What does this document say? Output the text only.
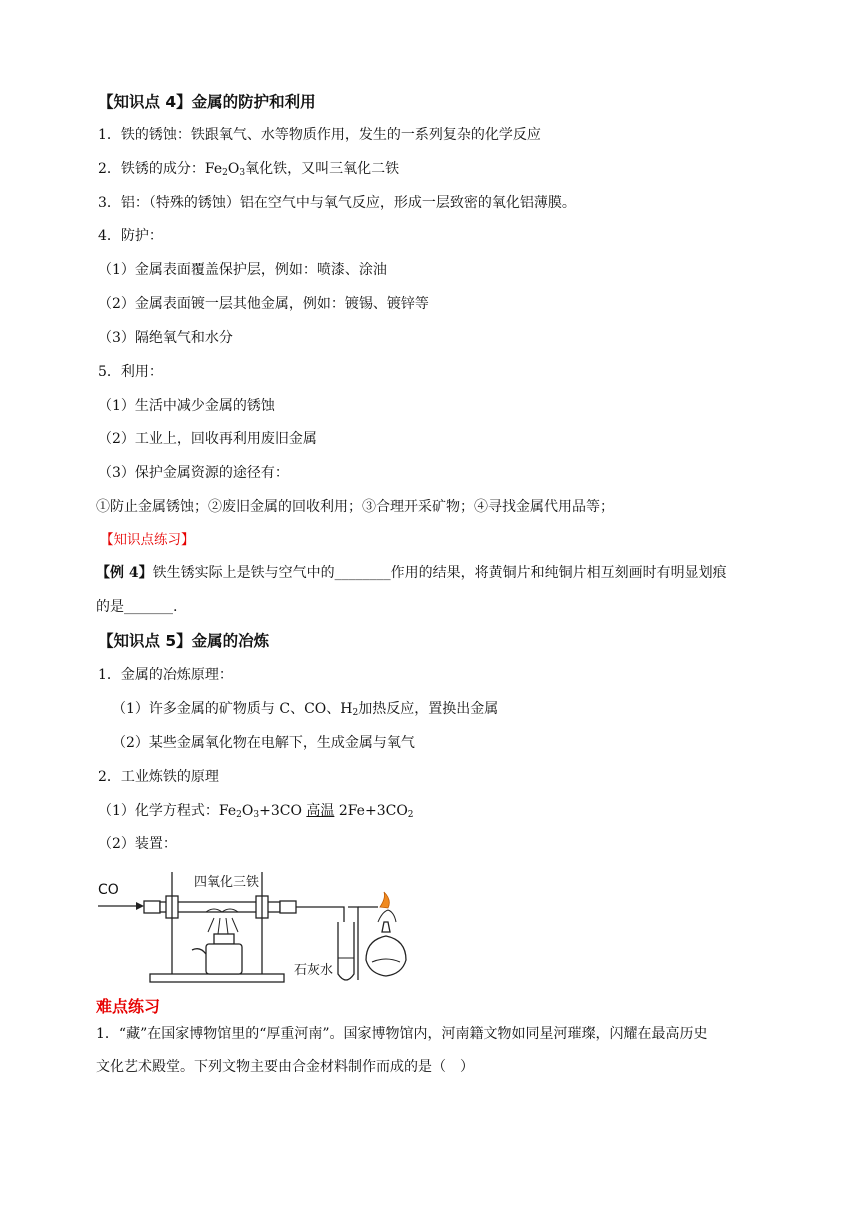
【知识点 4】金属的防护和利用
1．铁的锈蚀：铁跟氧气、水等物质作用，发生的一系列复杂的化学反应
2．铁锈的成分：$Fe_2O_3$氧化铁，又叫三氧化二铁
3．铝：（特殊的锈蚀）铝在空气中与氧气反应，形成一层致密的氧化铝薄膜。
4．防护：
（1）金属表面覆盖保护层，例如：喷漆、涂油
（2）金属表面镀一层其他金属，例如：镀锡、镀锌等
（3）隔绝氧气和水分
5．利用：
（1）生活中减少金属的锈蚀
（2）工业上，回收再利用废旧金属
（3）保护金属资源的途径有：
①防止金属锈蚀；②废旧金属的回收利用；③合理开采矿物；④寻找金属代用品等；
【知识点练习】
【例 4】铁生锈实际上是铁与空气中的________作用的结果，将黄铜片和纯铜片相互刻画时有明显划痕
的是_______.
【知识点 5】金属的冶炼
1．金属的冶炼原理：
（1）许多金属的矿物质与 C、CO、$H_2$加热反应，置换出金属
（2）某些金属氧化物在电解下，生成金属与氧气
2．工业炼铁的原理
（1）化学方程式：$Fe_2O_3+3CO$ 高温 $2Fe+3CO_2$
（2）装置：
CO	四氧化三铁
石灰水
难点练习
1．“藏”在国家博物馆里的“厚重河南”。国家博物馆内，河南籍文物如同星河璀璨，闪耀在最高历史
文化艺术殿堂。下列文物主要由合金材料制作而成的是（　）
